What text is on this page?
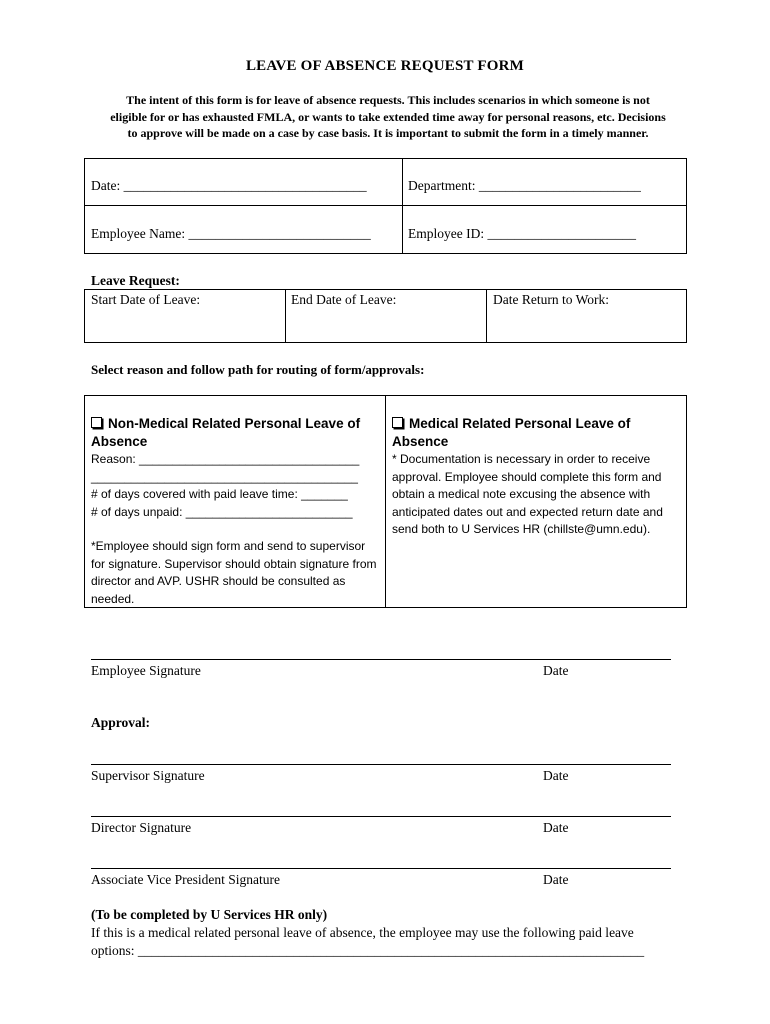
LEAVE OF ABSENCE REQUEST FORM
The intent of this form is for leave of absence requests. This includes scenarios in which someone is not
eligible for or has exhausted FMLA, or wants to take extended time away for personal reasons, etc. Decisions
to approve will be made on a case by case basis. It is important to submit the form in a timely manner.
Date: ____________________________________	Department: ________________________
Employee Name: ___________________________	Employee ID: ______________________
Leave Request:
Start Date of Leave:	End Date of Leave:	Date Return to Work:
Select reason and follow path for routing of form/approvals:
Non-Medical Related Personal Leave of Absence
Reason: _________________________________
________________________________________
# of days covered with paid leave time: _______
# of days unpaid: _________________________
*Employee should sign form and send to supervisor for signature. Supervisor should obtain signature from director and AVP. USHR should be consulted as needed.
Medical Related Personal Leave of Absence
* Documentation is necessary in order to receive approval. Employee should complete this form and obtain a medical note excusing the absence with anticipated dates out and expected return date and send both to U Services HR (chillste@umn.edu).
Employee Signature	Date
Approval:
Supervisor Signature	Date
Director Signature	Date
Associate Vice President Signature	Date
(To be completed by U Services HR only)
If this is a medical related personal leave of absence, the employee may use the following paid leave
options: ___________________________________________________________________________
